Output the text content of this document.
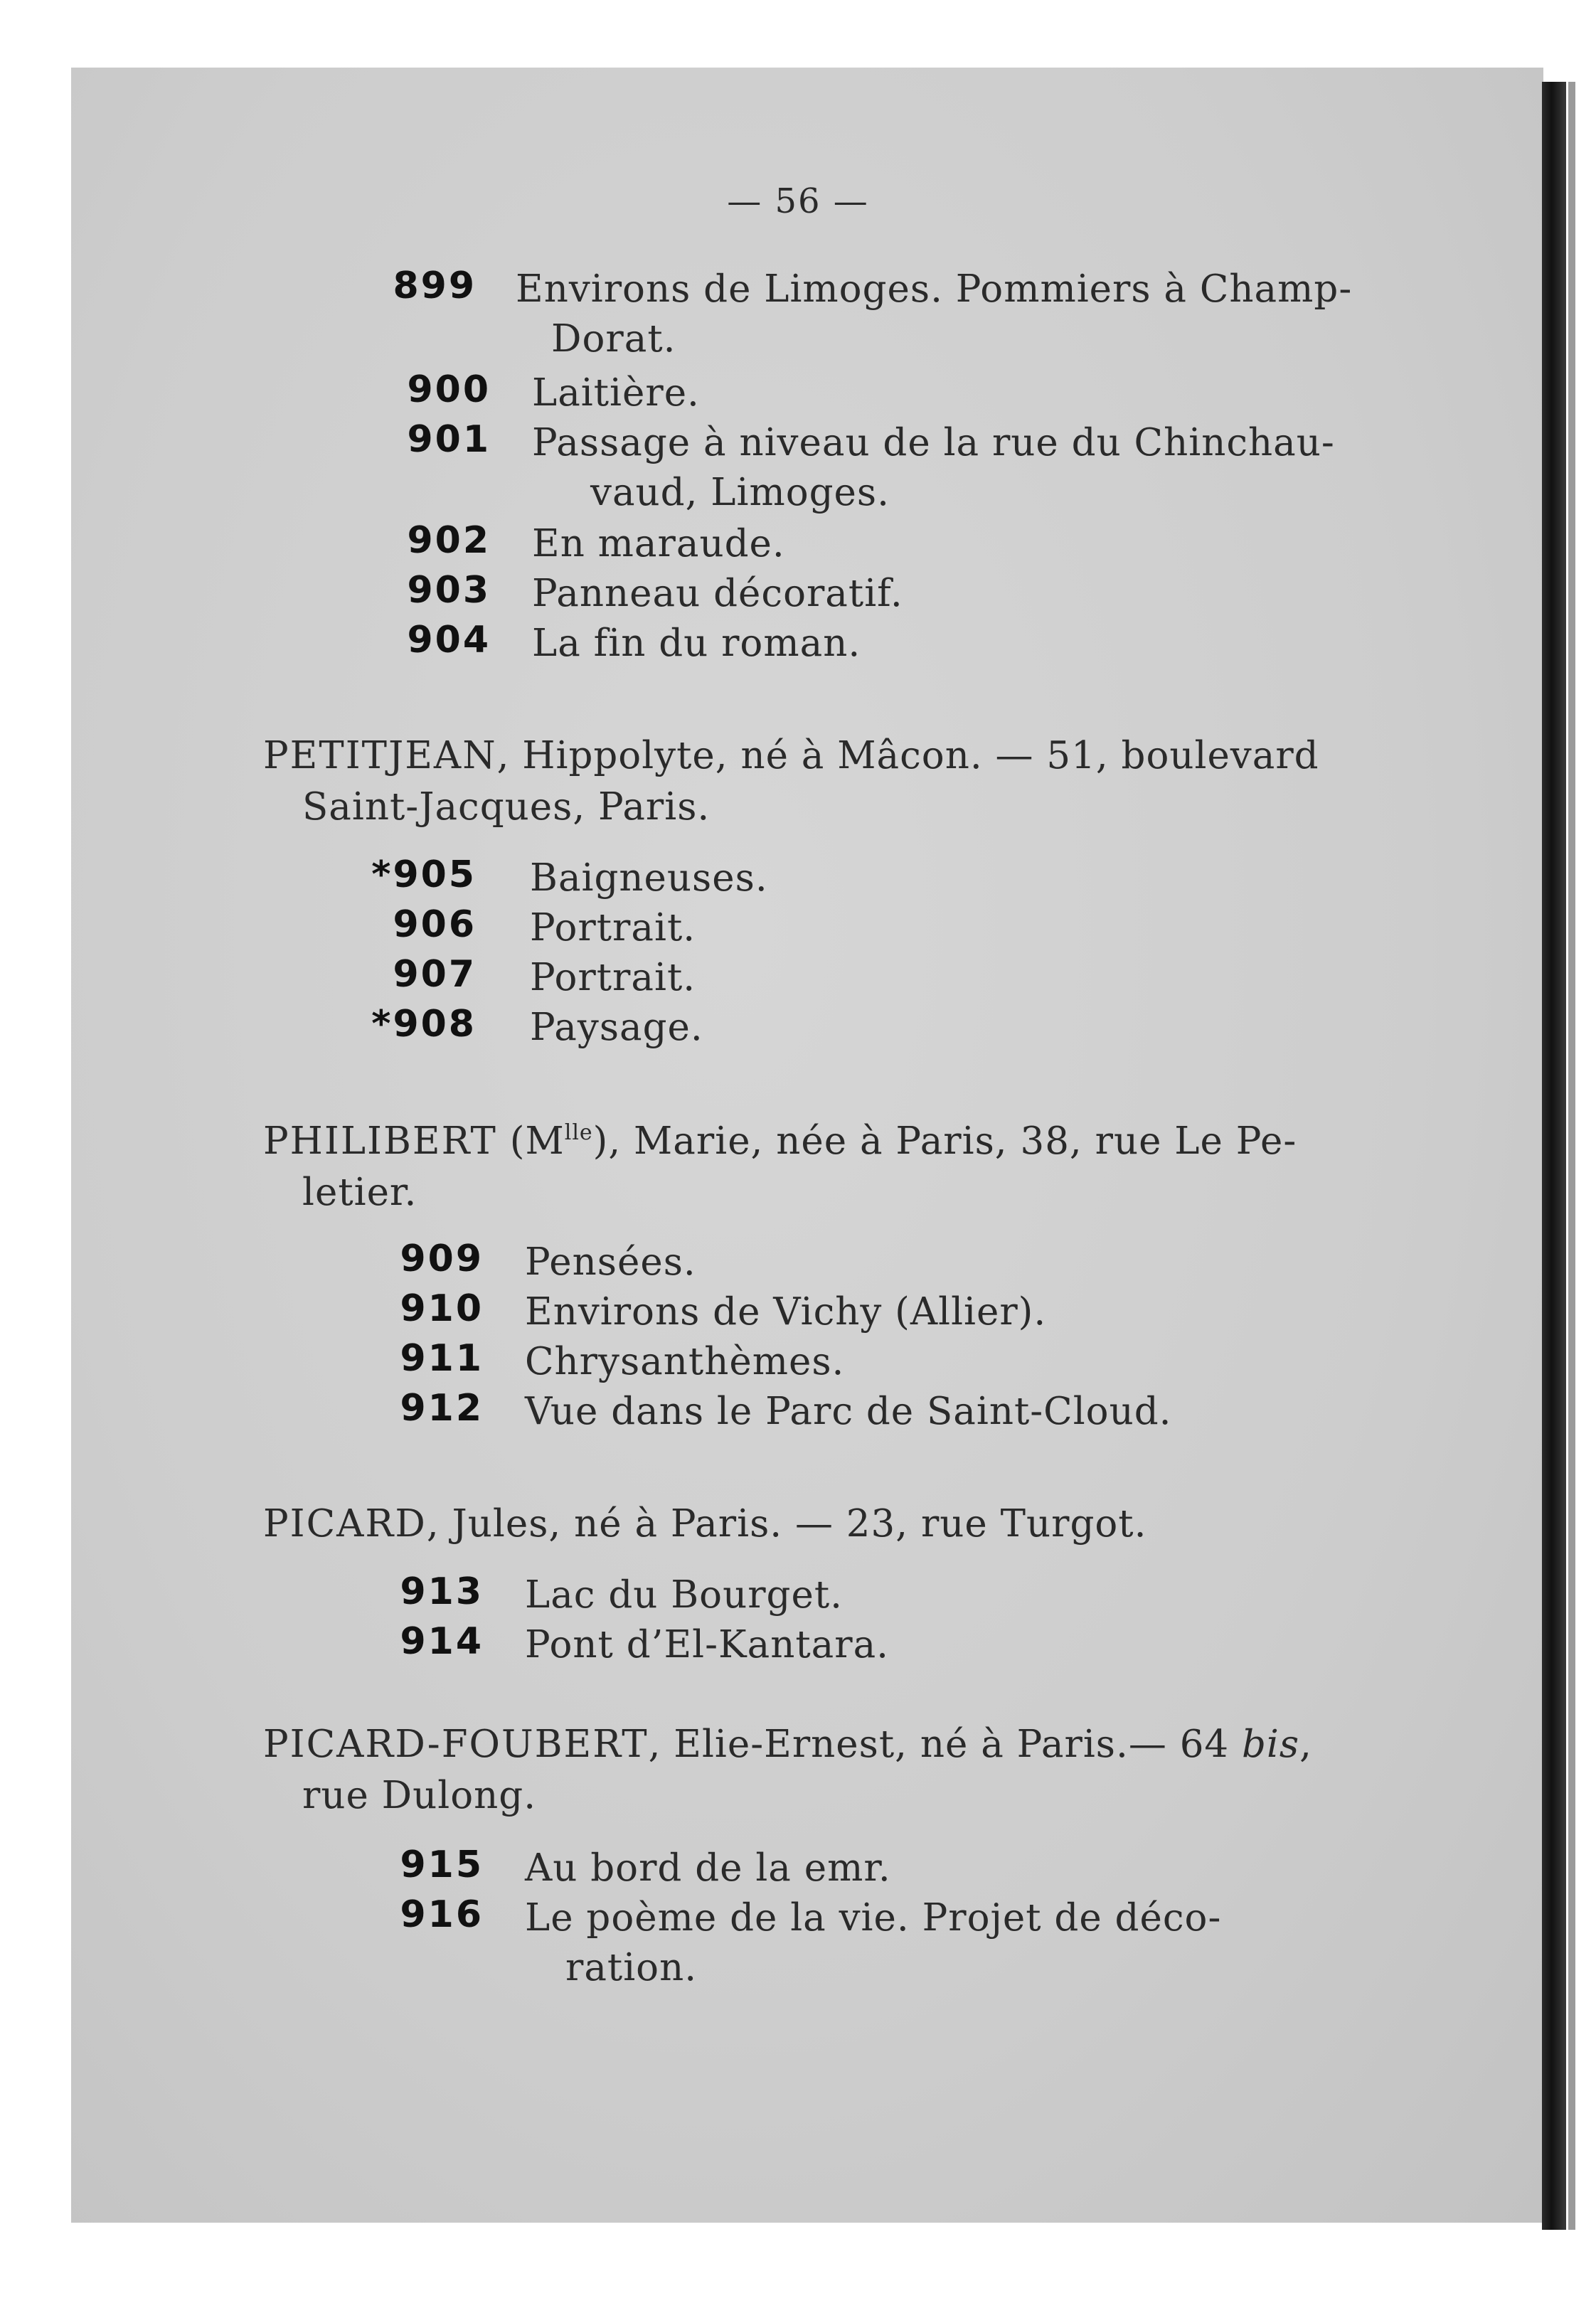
— 56 —
899 Environs de Limoges. Pommiers à Champ-
Dorat.
900 Laitière.
901 Passage à niveau de la rue du Chinchau-
vaud, Limoges.
902 En maraude.
903 Panneau décoratif.
904 La fin du roman.
PETITJEAN, Hippolyte, né à Mâcon. — 51, boulevard
Saint-Jacques, Paris.
*905 Baigneuses.
906 Portrait.
907 Portrait.
*908 Paysage.
PHILIBERT $(M^{lle})$, Marie, née à Paris, 38, rue Le Pe-
letier.
909 Pensées.
910 Environs de Vichy (Allier).
911 Chrysanthèmes.
912 Vue dans le Parc de Saint-Cloud.
PICARD, Jules, né à Paris. — 23, rue Turgot.
913 Lac du Bourget.
914 Pont d’El-Kantara.
PICARD-FOUBERT, Elie-Ernest, né à Paris.— 64 bis,
rue Dulong.
915 Au bord de la emr.
916 Le poème de la vie. Projet de déco-
ration.
